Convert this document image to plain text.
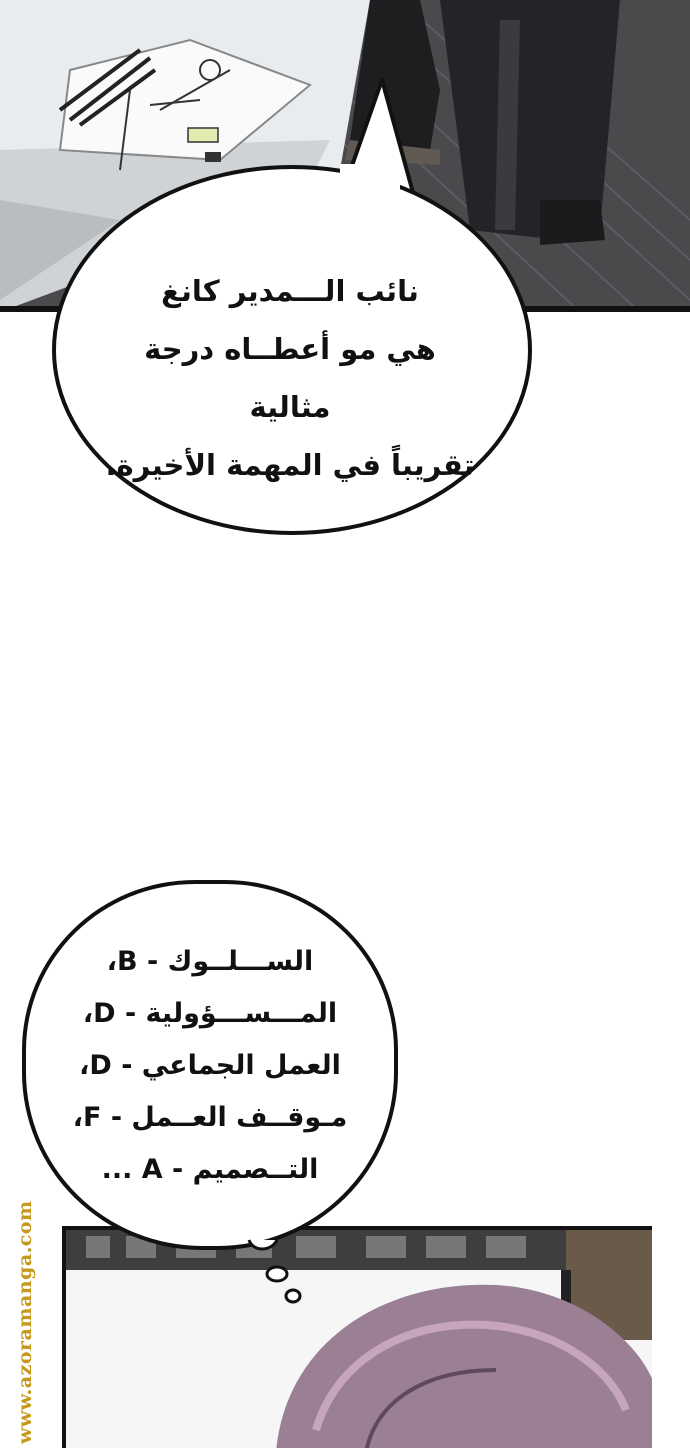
نائب الـــمدير كانغ
هي مو أعطــاه درجة مثالية
تقريباً في المهمة الأخيرة.
الســـلــوك - B،
المـــســـؤولية - D،
العمل الجماعي - D،
مـوقــف العــمل - F،
التــصميم - A ...
www.azoramanga.com
